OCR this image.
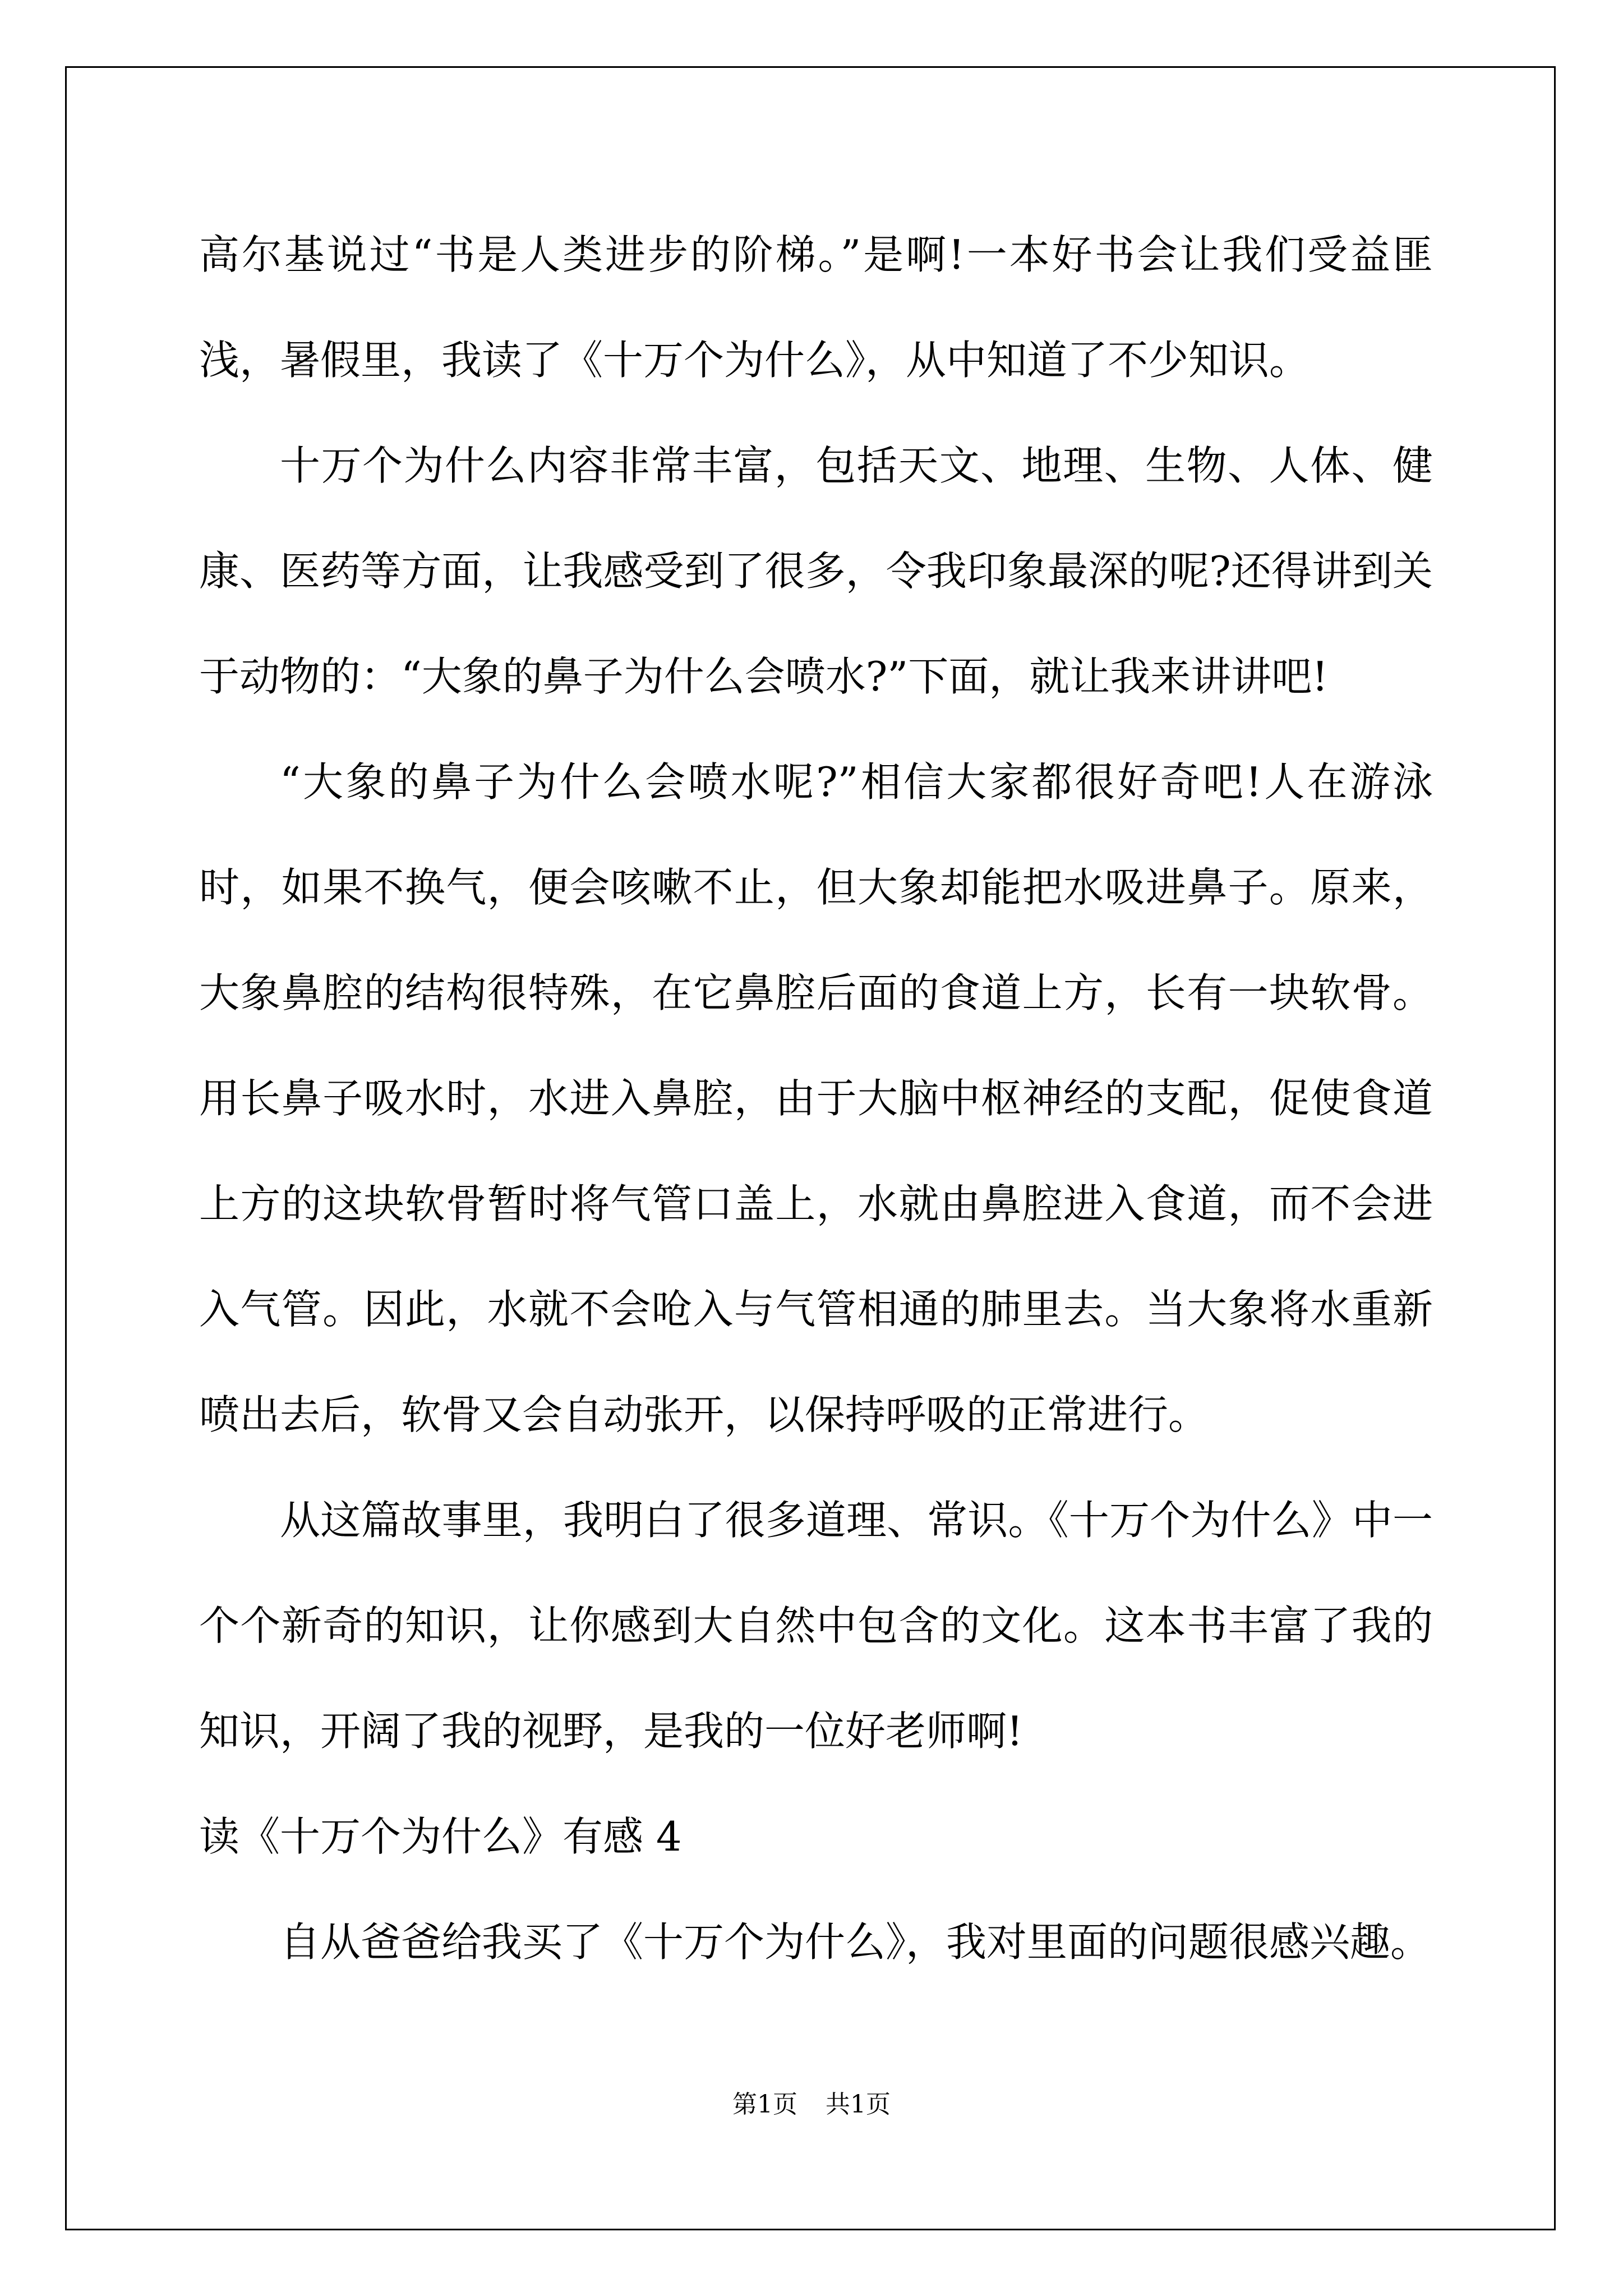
高尔基说过“书是人类进步的阶梯。”是啊!一本好书会让我们受益匪浅，暑假里，我读了《十万个为什么》，从中知道了不少知识。

十万个为什么内容非常丰富，包括天文、地理、生物、人体、健康、医药等方面，让我感受到了很多，令我印象最深的呢?还得讲到关于动物的：“大象的鼻子为什么会喷水?”下面，就让我来讲讲吧!

“大象的鼻子为什么会喷水呢?”相信大家都很好奇吧!人在游泳时，如果不换气，便会咳嗽不止，但大象却能把水吸进鼻子。原来，大象鼻腔的结构很特殊，在它鼻腔后面的食道上方，长有一块软骨。用长鼻子吸水时，水进入鼻腔，由于大脑中枢神经的支配，促使食道上方的这块软骨暂时将气管口盖上，水就由鼻腔进入食道，而不会进入气管。因此，水就不会呛入与气管相通的肺里去。当大象将水重新喷出去后，软骨又会自动张开，以保持呼吸的正常进行。

从这篇故事里，我明白了很多道理、常识。《十万个为什么》中一个个新奇的知识，让你感到大自然中包含的文化。这本书丰富了我的知识，开阔了我的视野，是我的一位好老师啊!

读《十万个为什么》有感 4

自从爸爸给我买了《十万个为什么》，我对里面的问题很感兴趣。

第1页 共1页
